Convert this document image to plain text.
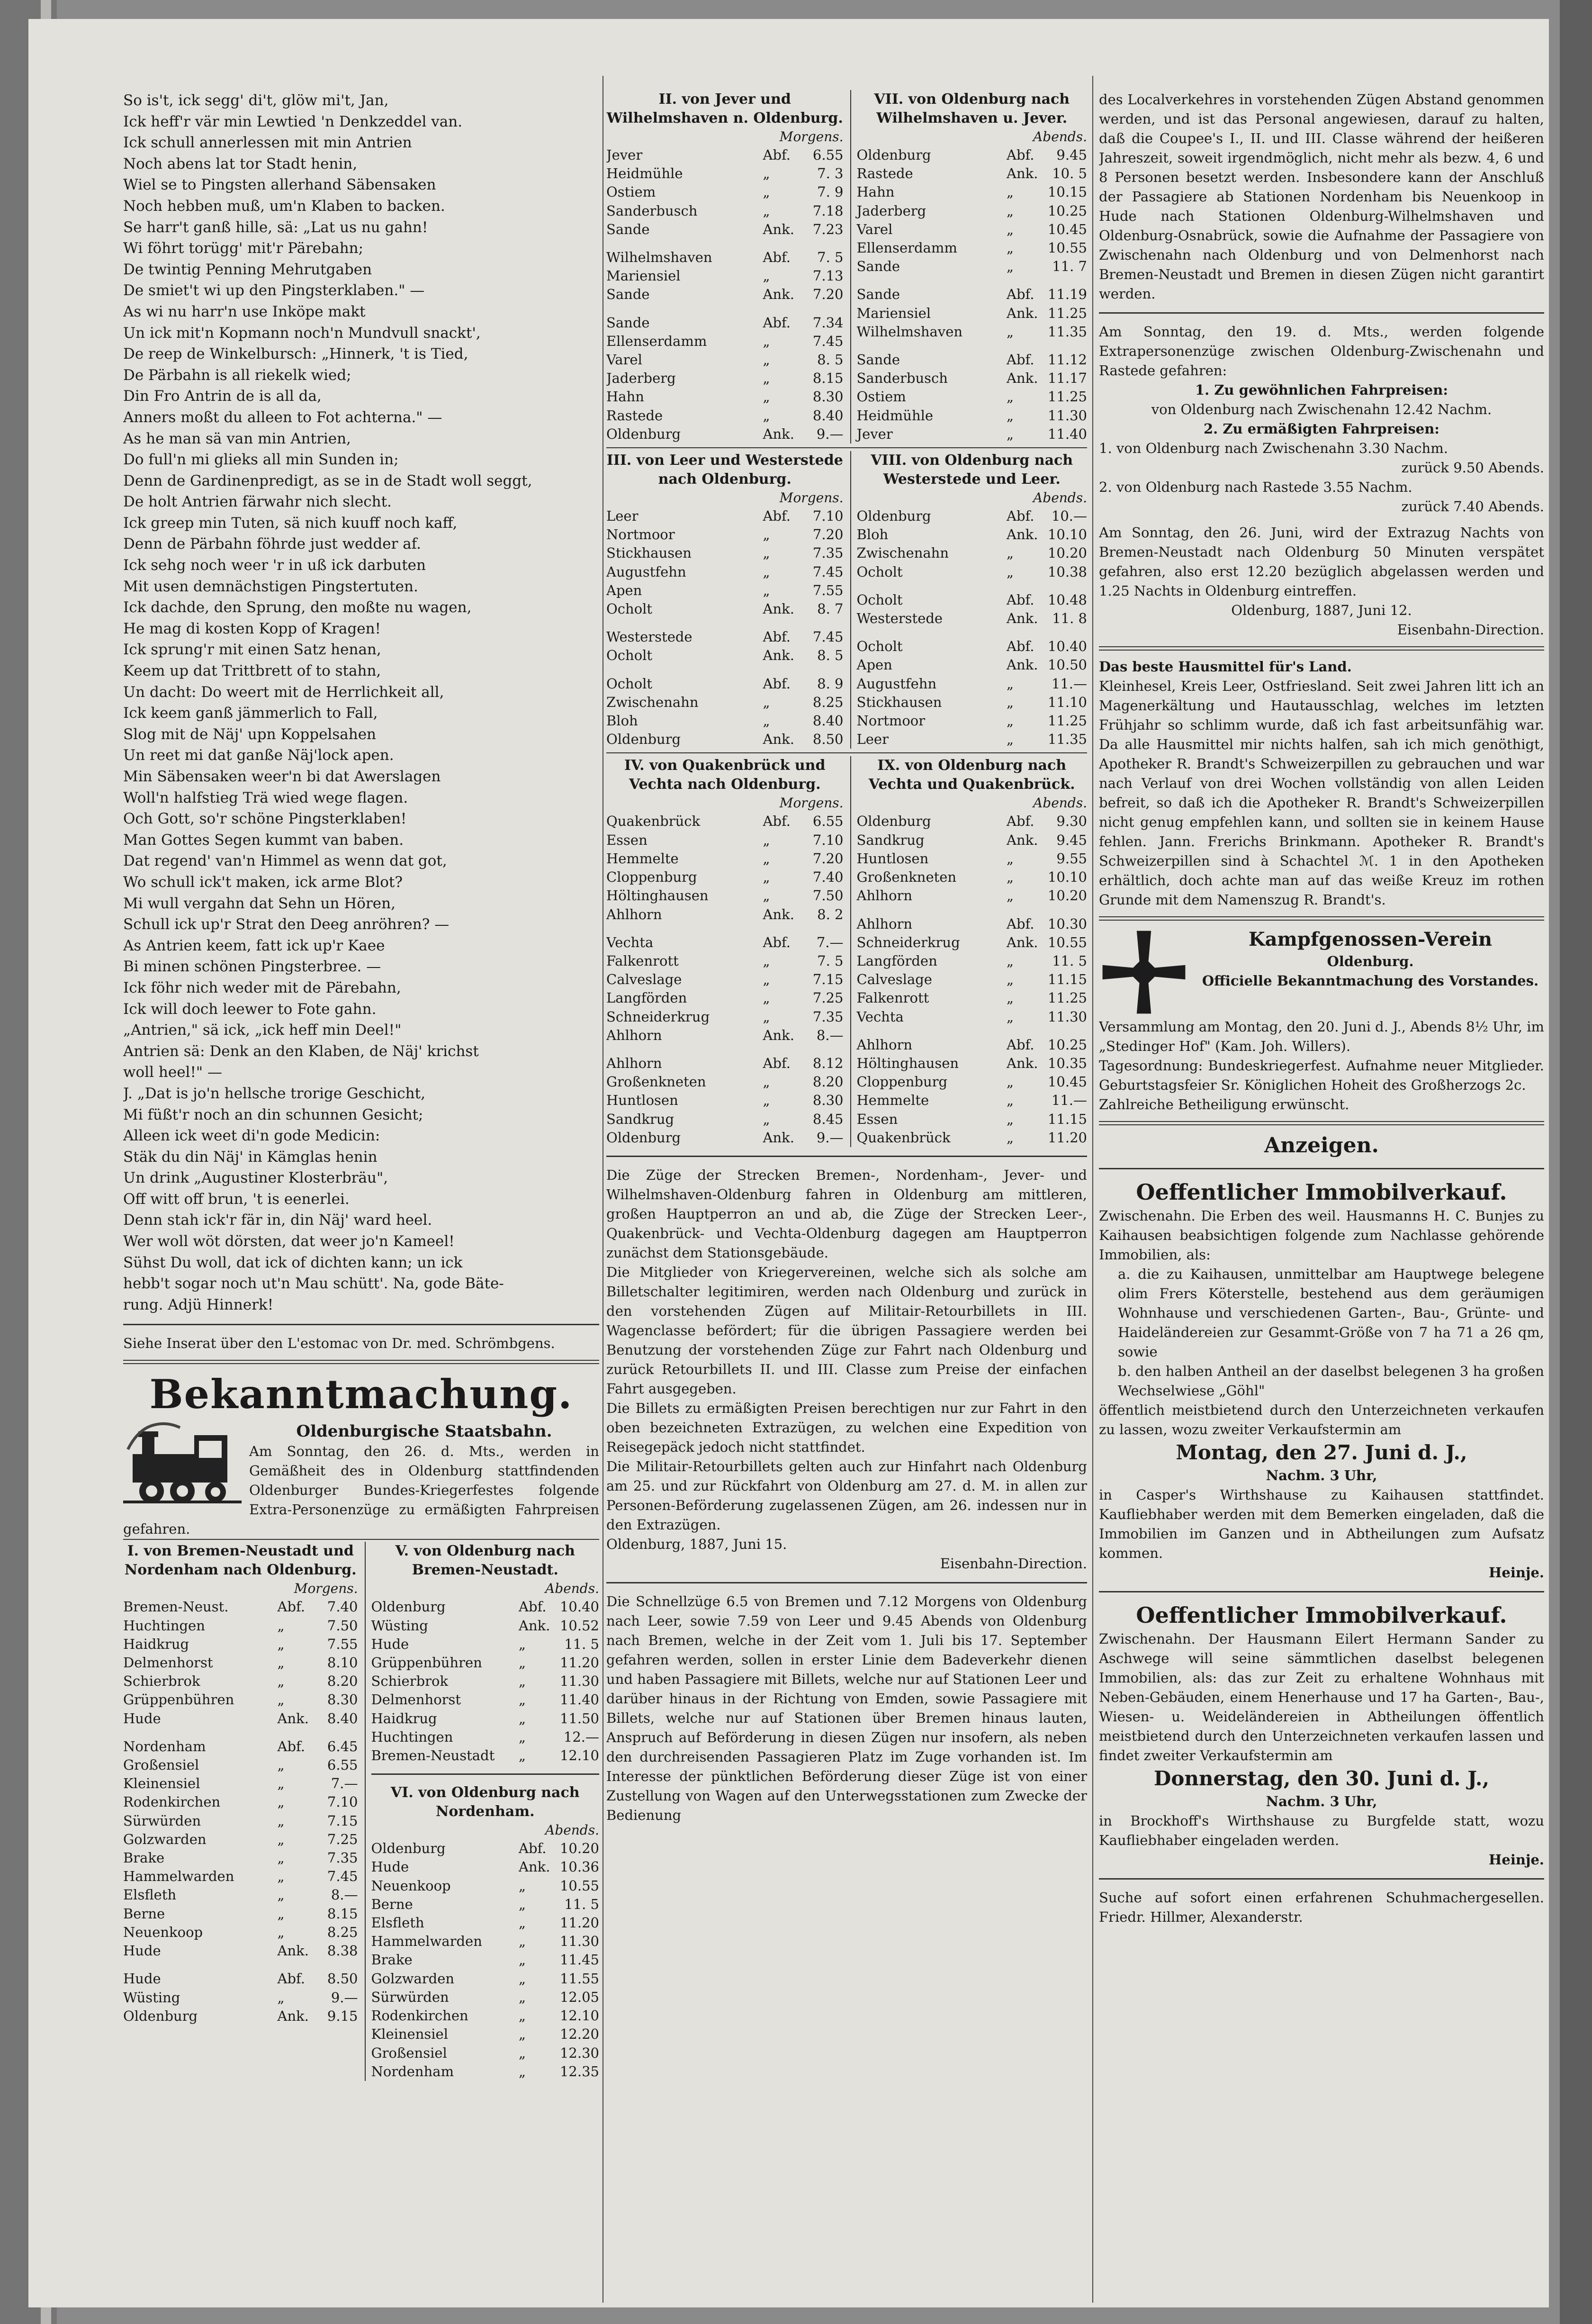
So is't, ick segg' di't, glöw mi't, Jan,

Ick heff'r vär min Lewtied 'n Denkzeddel van.

Ick schull annerlessen mit min Antrien

Noch abens lat tor Stadt henin,

Wiel se to Pingsten allerhand Säbensaken

Noch hebben muß, um'n Klaben to backen.

Se harr't ganß hille, sä: „Lat us nu gahn!

Wi föhrt torügg' mit'r Pärebahn;

De twintig Penning Mehrutgaben

De smiet't wi up den Pingsterklaben." —

As wi nu harr'n use Inköpe makt

Un ick mit'n Kopmann noch'n Mundvull snackt',

De reep de Winkelbursch: „Hinnerk, 't is Tied,

De Pärbahn is all riekelk wied;

Din Fro Antrin de is all da,

Anners moßt du alleen to Fot achterna." —

As he man sä van min Antrien,

Do full'n mi glieks all min Sunden in;

Denn de Gardinenpredigt, as se in de Stadt woll seggt,

De holt Antrien färwahr nich slecht.

Ick greep min Tuten, sä nich kuuff noch kaff,

Denn de Pärbahn föhrde just wedder af.

Ick sehg noch weer 'r in uß ick darbuten

Mit usen demnächstigen Pingstertuten.

Ick dachde, den Sprung, den moßte nu wagen,

He mag di kosten Kopp of Kragen!

Ick sprung'r mit einen Satz henan,

Keem up dat Trittbrett of to stahn,

Un dacht: Do weert mit de Herrlichkeit all,

Ick keem ganß jämmerlich to Fall,

Slog mit de Näj' upn Koppelsahen

Un reet mi dat ganße Näj'lock apen.

Min Säbensaken weer'n bi dat Awerslagen

Woll'n halfstieg Trä wied wege flagen.

Och Gott, so'r schöne Pingsterklaben!

Man Gottes Segen kummt van baben.

Dat regend' van'n Himmel as wenn dat got,

Wo schull ick't maken, ick arme Blot?

Mi wull vergahn dat Sehn un Hören,

Schull ick up'r Strat den Deeg anröhren? —

As Antrien keem, fatt ick up'r Kaee

Bi minen schönen Pingsterbree. —

Ick föhr nich weder mit de Pärebahn,

Ick will doch leewer to Fote gahn.

„Antrien," sä ick, „ick heff min Deel!"

Antrien sä: Denk an den Klaben, de Näj' krichst

woll heel!" —

J. „Dat is jo'n hellsche trorige Geschicht,

Mi füßt'r noch an din schunnen Gesicht;

Alleen ick weet di'n gode Medicin:

Stäk du din Näj' in Kämglas henin

Un drink „Augustiner Klosterbräu",

Off witt off brun, 't is eenerlei.

Denn stah ick'r fär in, din Näj' ward heel.

Wer woll wöt dörsten, dat weer jo'n Kameel!

Sühst Du woll, dat ick of dichten kann; un ick

hebb't sogar noch ut'n Mau schütt'. Na, gode Bäte-

rung. Adjü Hinnerk!

Siehe Inserat über den L'estomac von Dr. med. Schrömbgens.

Bekanntmachung.
Oldenburgische Staatsbahn.

Am Sonntag, den 26. d. Mts., werden in Gemäßheit des in Oldenburg stattfindenden Oldenburger Bundes-Kriegerfestes folgende Extra-Personenzüge zu ermäßigten Fahrpreisen gefahren.

I. von Bremen-Neustadt und Nordenham nach Oldenburg.
Morgens.
Bremen-Neust.	Abf.	7.40
Huchtingen	„	7.50
Haidkrug	„	7.55
Delmenhorst	„	8.10
Schierbrok	„	8.20
Grüppenbühren	„	8.30
Hude	Ank.	8.40
Nordenham	Abf.	6.45
Großensiel	„	6.55
Kleinensiel	„	7.—
Rodenkirchen	„	7.10
Sürwürden	„	7.15
Golzwarden	„	7.25
Brake	„	7.35
Hammelwarden	„	7.45
Elsfleth	„	8.—
Berne	„	8.15
Neuenkoop	„	8.25
Hude	Ank.	8.38
Hude	Abf.	8.50
Wüsting	„	9.—
Oldenburg	Ank.	9.15
V. von Oldenburg nach Bremen-Neustadt.
Abends.
Oldenburg	Abf. 10.40
Wüsting	Ank. 10.52
Hude	„	11. 5
Grüppenbühren	„	11.20
Schierbrok	„	11.30
Delmenhorst	„	11.40
Haidkrug	„	11.50
Huchtingen	„	12.—
Bremen-Neustadt	„	12.10
VI. von Oldenburg nach Nordenham.
Abends.
Oldenburg	Abf. 10.20
Hude	Ank. 10.36
Neuenkoop	„	10.55
Berne	„	11. 5
Elsfleth	„	11.20
Hammelwarden	„	11.30
Brake	„	11.45
Golzwarden	„	11.55
Sürwürden	„	12.05
Rodenkirchen	„	12.10
Kleinensiel	„	12.20
Großensiel	„	12.30
Nordenham	„	12.35
II. von Jever und Wilhelmshaven n. Oldenburg.
Morgens.
Jever	Abf.	6.55
Heidmühle	„	7. 3
Ostiem	„	7. 9
Sanderbusch	„	7.18
Sande	Ank.	7.23
Wilhelmshaven	Abf.	7. 5
Mariensiel	„	7.13
Sande	Ank.	7.20
Sande	Abf.	7.34
Ellenserdamm	„	7.45
Varel	„	8. 5
Jaderberg	„	8.15
Hahn	„	8.30
Rastede	„	8.40
Oldenburg	Ank.	9.—
VII. von Oldenburg nach Wilhelmshaven u. Jever.
Abends.
Oldenburg	Abf.	9.45
Rastede	Ank.	10. 5
Hahn	„	10.15
Jaderberg	„	10.25
Varel	„	10.45
Ellenserdamm	„	10.55
Sande	„	11. 7
Sande	Abf. 11.19
Mariensiel	Ank. 11.25
Wilhelmshaven	„	11.35
Sande	Abf. 11.12
Sanderbusch	Ank. 11.17
Ostiem	„	11.25
Heidmühle	„	11.30
Jever	„	11.40
III. von Leer und Westerstede nach Oldenburg.
Morgens.
Leer	Abf.	7.10
Nortmoor	„	7.20
Stickhausen	„	7.35
Augustfehn	„	7.45
Apen	„	7.55
Ocholt	Ank.	8. 7
Westerstede	Abf.	7.45
Ocholt	Ank.	8. 5
Ocholt	Abf.	8. 9
Zwischenahn	„	8.25
Bloh	„	8.40
Oldenburg	Ank.	8.50
VIII. von Oldenburg nach Westerstede und Leer.
Abends.
Oldenburg	Abf.	10.—
Bloh	Ank. 10.10
Zwischenahn	„	10.20
Ocholt	„	10.38
Ocholt	Abf. 10.48
Westerstede	Ank.	11. 8
Ocholt	Abf. 10.40
Apen	Ank. 10.50
Augustfehn	„	11.—
Stickhausen	„	11.10
Nortmoor	„	11.25
Leer	„	11.35
IV. von Quakenbrück und Vechta nach Oldenburg.
Morgens.
Quakenbrück	Abf.	6.55
Essen	„	7.10
Hemmelte	„	7.20
Cloppenburg	„	7.40
Höltinghausen	„	7.50
Ahlhorn	Ank.	8. 2
Vechta	Abf.	7.—
Falkenrott	„	7. 5
Calveslage	„	7.15
Langförden	„	7.25
Schneiderkrug	„	7.35
Ahlhorn	Ank.	8.—
Ahlhorn	Abf.	8.12
Großenkneten	„	8.20
Huntlosen	„	8.30
Sandkrug	„	8.45
Oldenburg	Ank.	9.—
IX. von Oldenburg nach Vechta und Quakenbrück.
Abends.
Oldenburg	Abf.	9.30
Sandkrug	Ank.	9.45
Huntlosen	„	9.55
Großenkneten	„	10.10
Ahlhorn	„	10.20
Ahlhorn	Abf. 10.30
Schneiderkrug	Ank. 10.55
Langförden	„	11. 5
Calveslage	„	11.15
Falkenrott	„	11.25
Vechta	„	11.30
Ahlhorn	Abf. 10.25
Höltinghausen	Ank. 10.35
Cloppenburg	„	10.45
Hemmelte	„	11.—
Essen	„	11.15
Quakenbrück	„	11.20

Die Züge der Strecken Bremen-, Nordenham-, Jever- und Wilhelmshaven-Oldenburg fahren in Oldenburg am mittleren, großen Hauptperron an und ab, die Züge der Strecken Leer-, Quakenbrück- und Vechta-Oldenburg dagegen am Hauptperron zunächst dem Stationsgebäude.

Die Mitglieder von Kriegervereinen, welche sich als solche am Billetschalter legitimiren, werden nach Oldenburg und zurück in den vorstehenden Zügen auf Militair-Retourbillets in III. Wagenclasse befördert; für die übrigen Passagiere werden bei Benutzung der vorstehenden Züge zur Fahrt nach Oldenburg und zurück Retourbillets II. und III. Classe zum Preise der einfachen Fahrt ausgegeben.

Die Billets zu ermäßigten Preisen berechtigen nur zur Fahrt in den oben bezeichneten Extrazügen, zu welchen eine Expedition von Reisegepäck jedoch nicht stattfindet.

Die Militair-Retourbillets gelten auch zur Hinfahrt nach Oldenburg am 25. und zur Rückfahrt von Oldenburg am 27. d. M. in allen zur Personen-Beförderung zugelassenen Zügen, am 26. indessen nur in den Extrazügen.

Oldenburg, 1887, Juni 15.

Eisenbahn-Direction.

Die Schnellzüge 6.5 von Bremen und 7.12 Morgens von Oldenburg nach Leer, sowie 7.59 von Leer und 9.45 Abends von Oldenburg nach Bremen, welche in der Zeit vom 1. Juli bis 17. September gefahren werden, sollen in erster Linie dem Badeverkehr dienen und haben Passagiere mit Billets, welche nur auf Stationen Leer und darüber hinaus in der Richtung von Emden, sowie Passagiere mit Billets, welche nur auf Stationen über Bremen hinaus lauten, Anspruch auf Beförderung in diesen Zügen nur insofern, als neben den durchreisenden Passagieren Platz im Zuge vorhanden ist. Im Interesse der pünktlichen Beförderung dieser Züge ist von einer Zustellung von Wagen auf den Unterwegsstationen zum Zwecke der Bedienung

des Localverkehres in vorstehenden Zügen Abstand genommen werden, und ist das Personal angewiesen, darauf zu halten, daß die Coupee's I., II. und III. Classe während der heißeren Jahreszeit, soweit irgendmöglich, nicht mehr als bezw. 4, 6 und 8 Personen besetzt werden. Insbesondere kann der Anschluß der Passagiere ab Stationen Nordenham bis Neuenkoop in Hude nach Stationen Oldenburg-Wilhelmshaven und Oldenburg-Osnabrück, sowie die Aufnahme der Passagiere von Zwischenahn nach Oldenburg und von Delmenhorst nach Bremen-Neustadt und Bremen in diesen Zügen nicht garantirt werden.

Am Sonntag, den 19. d. Mts., werden folgende Extrapersonenzüge zwischen Oldenburg-Zwischenahn und Rastede gefahren:

1. Zu gewöhnlichen Fahrpreisen:

von Oldenburg nach Zwischenahn 12.42 Nachm.

2. Zu ermäßigten Fahrpreisen:

1. von Oldenburg nach Zwischenahn 3.30 Nachm.

zurück 9.50 Abends.

2. von Oldenburg nach Rastede 3.55 Nachm.

zurück 7.40 Abends.

Am Sonntag, den 26. Juni, wird der Extrazug Nachts von Bremen-Neustadt nach Oldenburg 50 Minuten verspätet gefahren, also erst 12.20 bezüglich abgelassen werden und 1.25 Nachts in Oldenburg eintreffen.

Oldenburg, 1887, Juni 12.

Eisenbahn-Direction.

Das beste Hausmittel für's Land.

Kleinhesel, Kreis Leer, Ostfriesland. Seit zwei Jahren litt ich an Magenerkältung und Hautausschlag, welches im letzten Frühjahr so schlimm wurde, daß ich fast arbeitsunfähig war. Da alle Hausmittel mir nichts halfen, sah ich mich genöthigt, Apotheker R. Brandt's Schweizerpillen zu gebrauchen und war nach Verlauf von drei Wochen vollständig von allen Leiden befreit, so daß ich die Apotheker R. Brandt's Schweizerpillen nicht genug empfehlen kann, und sollten sie in keinem Hause fehlen. Jann. Frerichs Brinkmann. Apotheker R. Brandt's Schweizerpillen sind à Schachtel ℳ. 1 in den Apotheken erhältlich, doch achte man auf das weiße Kreuz im rothen Grunde mit dem Namenszug R. Brandt's.

Kampfgenossen-Verein

Oldenburg.

Officielle Bekanntmachung des Vorstandes.

Versammlung am Montag, den 20. Juni d. J., Abends 8½ Uhr, im „Stedinger Hof" (Kam. Joh. Willers).

Tagesordnung: Bundeskriegerfest. Aufnahme neuer Mitglieder. Geburtstagsfeier Sr. Königlichen Hoheit des Großherzogs 2c.

Zahlreiche Betheiligung erwünscht.

Anzeigen.
Oeffentlicher Immobilverkauf.

Zwischenahn. Die Erben des weil. Hausmanns H. C. Bunjes zu Kaihausen beabsichtigen folgende zum Nachlasse gehörende Immobilien, als:

a. die zu Kaihausen, unmittelbar am Hauptwege belegene olim Frers Köterstelle, bestehend aus dem geräumigen Wohnhause und verschiedenen Garten-, Bau-, Grünte- und Haideländereien zur Gesammt-Größe von 7 ha 71 a 26 qm, sowie

b. den halben Antheil an der daselbst belegenen 3 ha großen Wechselwiese „Göhl"

öffentlich meistbietend durch den Unterzeichneten verkaufen zu lassen, wozu zweiter Verkaufstermin am

Montag, den 27. Juni d. J.,

Nachm. 3 Uhr,

in Casper's Wirthshause zu Kaihausen stattfindet. Kaufliebhaber werden mit dem Bemerken eingeladen, daß die Immobilien im Ganzen und in Abtheilungen zum Aufsatz kommen.

Heinje.

Oeffentlicher Immobilverkauf.

Zwischenahn. Der Hausmann Eilert Hermann Sander zu Aschwege will seine sämmtlichen daselbst belegenen Immobilien, als: das zur Zeit zu erhaltene Wohnhaus mit Neben-Gebäuden, einem Henerhause und 17 ha Garten-, Bau-, Wiesen- u. Weideländereien in Abtheilungen öffentlich meistbietend durch den Unterzeichneten verkaufen lassen und findet zweiter Verkaufstermin am

Donnerstag, den 30. Juni d. J.,

Nachm. 3 Uhr,

in Brockhoff's Wirthshause zu Burgfelde statt, wozu Kaufliebhaber eingeladen werden.

Heinje.

Suche auf sofort einen erfahrenen Schuhmachergesellen. Friedr. Hillmer, Alexanderstr.
